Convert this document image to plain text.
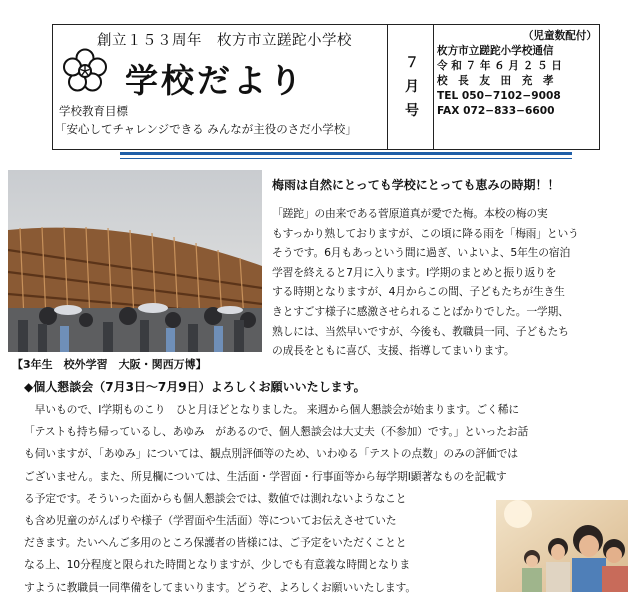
創立１５３周年　枚方市立蹉跎小学校
学校だより
学校教育目標
「安心してチャレンジできる みんなが主役のさだ小学校」
７
月
号
（児童数配付）
枚方市立蹉跎小学校通信
令 和 ７ 年 ６ 月 ２ ５ 日
校　長　友　田　充　孝
TEL 050−7102−9008
FAX 072−833−6600
【3年生　校外学習　大阪・関西万博】
梅雨は自然にとっても学校にとっても恵みの時期！！
「蹉跎」の由来である菅原道真が愛でた梅。本校の梅の実
もすっかり熟しておりますが、この頃に降る雨を「梅雨」という
そうです。6月もあっという間に過ぎ、いよいよ、5年生の宿泊
学習を終えると7月に入ります。Ⅰ学期のまとめと振り返りを
する時期となりますが、4月からこの間、子どもたちが生き生
きとすごす様子に感激させられることばかりでした。一学期、
熟しには、当然早いですが、今後も、教職員一同、子どもたち
の成長をともに喜び、支援、指導してまいります。
◆個人懇談会（7月3日～7月9日）よろしくお願いいたします。
　早いもので、Ⅰ学期ものこり　ひと月ほどとなりました。 来週から個人懇談会が始まります。ごく稀に
「テストも持ち帰っているし、あゆみ　があるので、個人懇談会は大丈夫（不参加）です。」といったお話
も伺いますが、「あゆみ」については、観点別評価等のため、いわゆる「テストの点数」のみの評価では
ございません。また、所見欄については、生活面・学習面・行事面等から毎学期Ⅰ顕著なものを記載す
る予定です。そういった面からも個人懇談会では、数値では測れないようなこと
も含め児童のがんばりや様子（学習面や生活面）等についてお伝えさせていた
だきます。たいへんご多用のところ保護者の皆様には、ご予定をいただくことと
なる上、10分程度と限られた時間となりますが、少しでも有意義な時間となりま
すように教職員一同準備をしてまいります。どうぞ、よろしくお願いいたします。
